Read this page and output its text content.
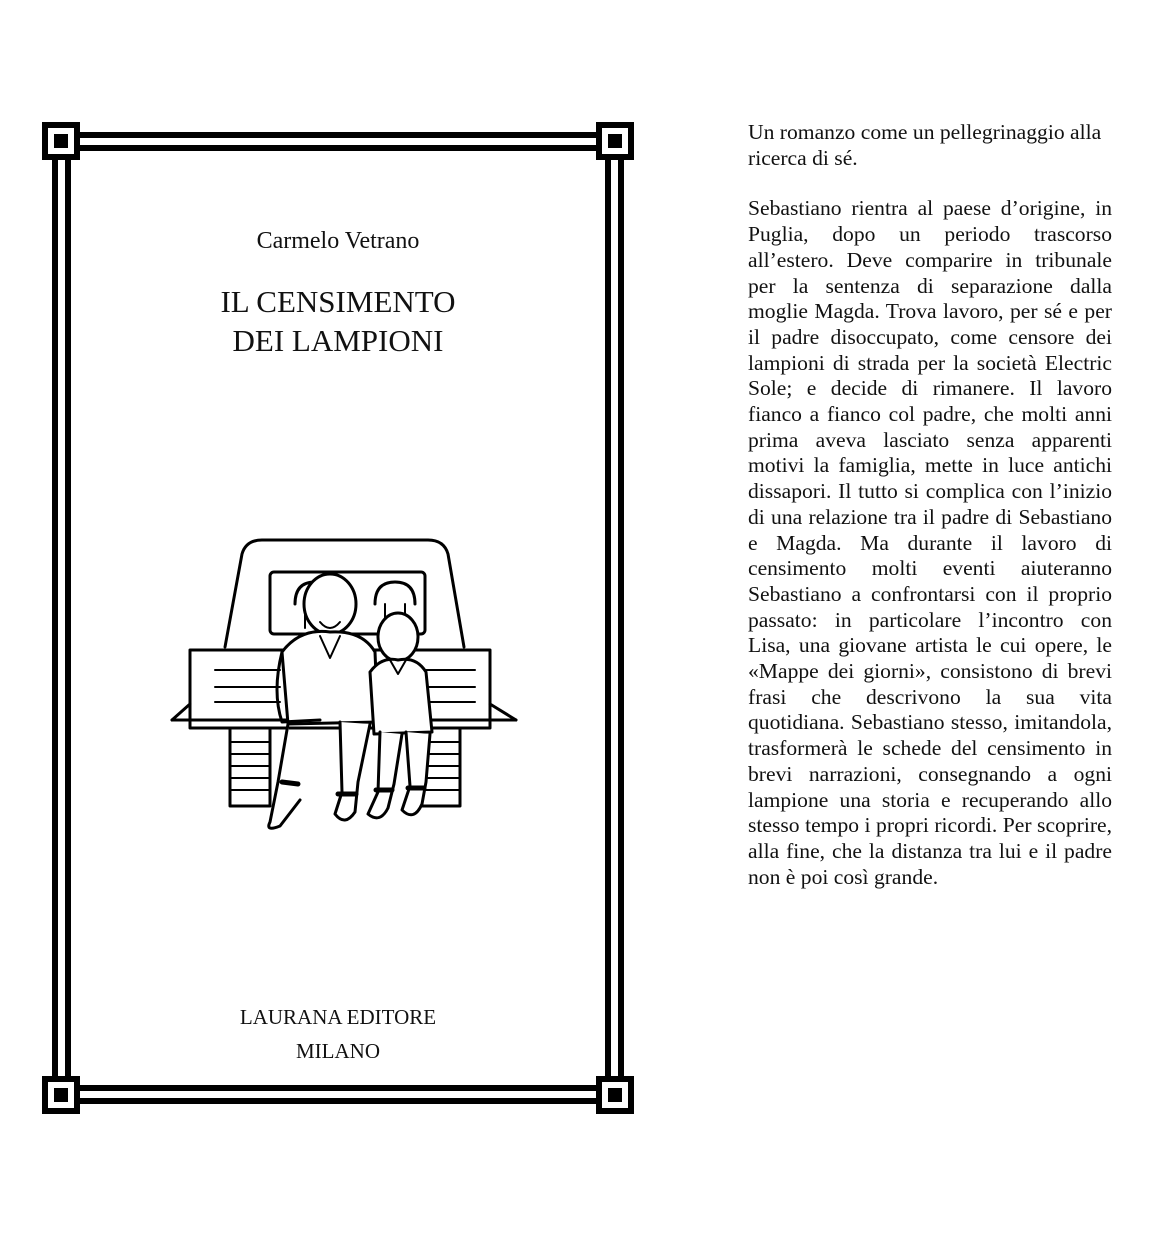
Carmelo Vetrano
IL CENSIMENTO
DEI LAMPIONI
LAURANA EDITORE
MILANO

Un romanzo come un pellegrinaggio alla ricerca di sé.

Sebastiano rientra al paese d’origine, in Puglia, dopo un periodo trascorso all’estero. Deve comparire in tribunale per la sentenza di separazione dalla moglie Magda. Trova lavoro, per sé e per il padre disoccupato, come censore dei lampioni di strada per la società Electric Sole; e decide di rimanere. Il lavoro fianco a fianco col padre, che molti anni prima aveva lasciato senza apparenti motivi la famiglia, mette in luce antichi dissapori. Il tutto si complica con l’inizio di una relazione tra il padre di Sebastiano e Magda. Ma durante il lavoro di censimento molti eventi aiuteranno Sebastiano a confrontarsi con il proprio passato: in particolare l’incontro con Lisa, una giovane artista le cui opere, le «Mappe dei giorni», consistono di brevi frasi che descrivono la sua vita quotidiana. Sebastiano stesso, imitandola, trasformerà le schede del censimento in brevi narrazioni, consegnando a ogni lampione una storia e recuperando allo stesso tempo i propri ricordi. Per scoprire, alla fine, che la distanza tra lui e il padre non è poi così grande.
